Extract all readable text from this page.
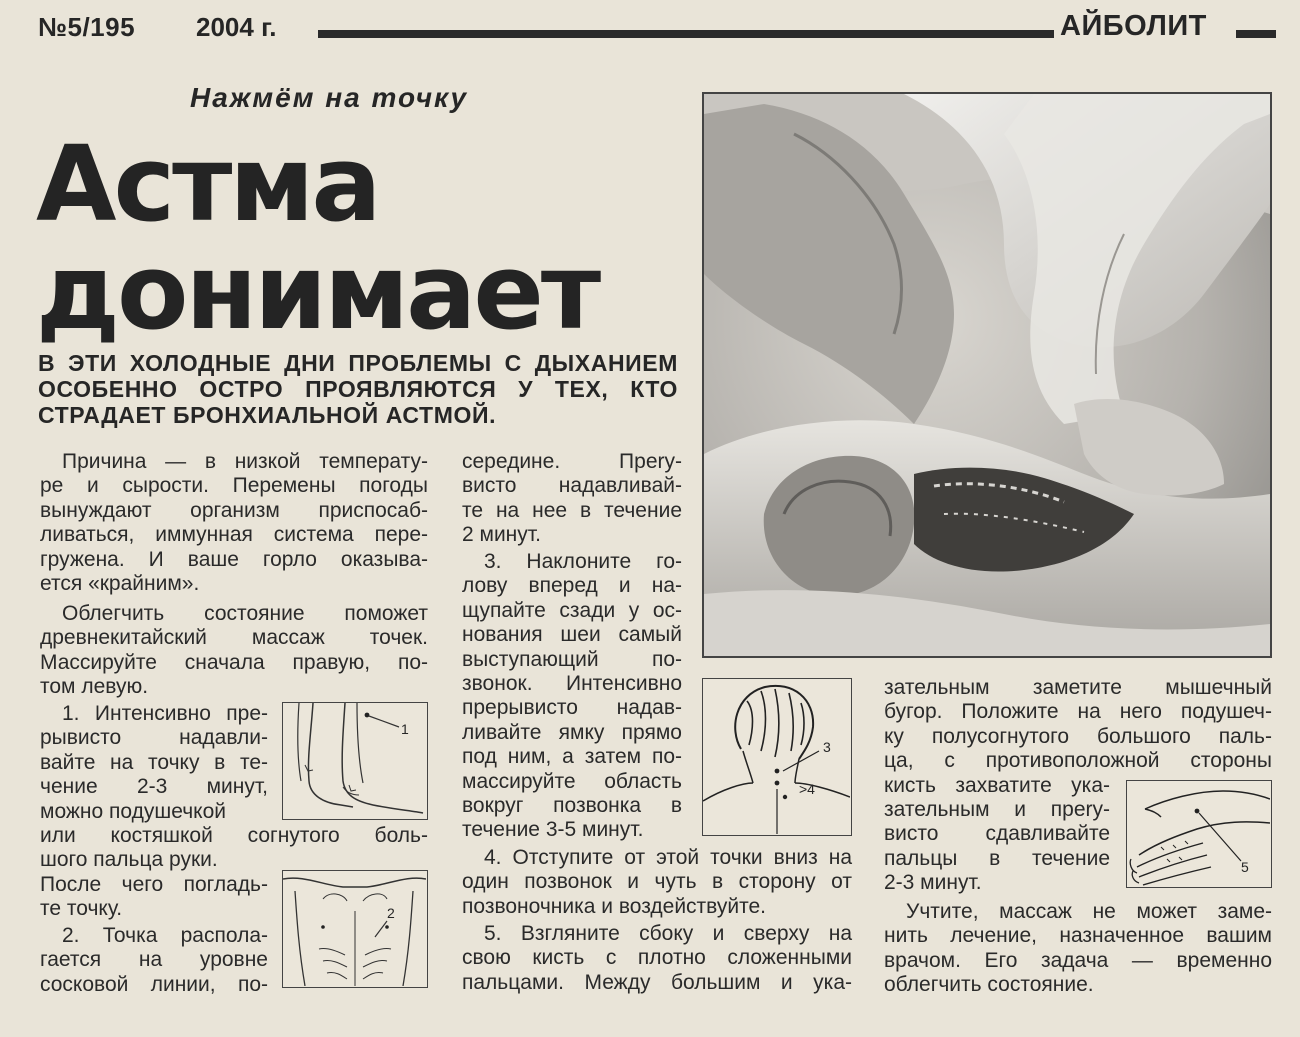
№5/195 2004 г.	АЙБОЛИТ
Нажмём на точку
Астма
донимает
В ЭТИ ХОЛОДНЫЕ ДНИ ПРОБЛЕМЫ С ДЫХАНИЕМ ОСОБЕННО ОСТРО ПРОЯВЛЯЮТСЯ У ТЕХ, КТО СТРАДАЕТ БРОНХИАЛЬНОЙ АСТМОЙ.
Причина — в низкой температу-
ре и сырости. Перемены погоды
вынуждают организм приспосаб-
ливаться, иммунная система пере-
гружена. И ваше горло оказыва-
ется «крайним».
Облегчить состояние поможет
древнекитайский массаж точек.
Массируйте сначала правую, по-
том левую.
1. Интенсивно пре-
рывисто надавли-
вайте на точку в те-
чение 2-3 минут,
можно подушечкой
или костяшкой согнутого боль-
шого пальца руки.
После чего погладь-
те точку.
2. Точка распола-
гается на уровне
сосковой линии, по-
1
2
середине. Прery-
висто надавливай-
те на нее в течение
2 минут.
3. Наклоните го-
лову вперед и на-
щупайте сзади у ос-
нования шеи самый
выступающий по-
звонок. Интенсивно
прерывисто надав-
ливайте ямку прямо
под ним, а затем по-
массируйте область
вокруг позвонка в
течение 3-5 минут.
4. Отступите от этой точки вниз на
один позвонок и чуть в сторону от
позвоночника и воздействуйте.
5. Взгляните сбоку и сверху на
свою кисть с плотно сложенными
пальцами. Между большим и ука-
3
>4
зательным заметите мышечный
бугор. Положите на него подушеч-
ку полусогнутого большого паль-
ца, с противоположной стороны
кисть захватите ука-
зательным и прery-
висто сдавливайте
пальцы в течение
2-3 минут.
Учтите, массаж не может заме-
нить лечение, назначенное вашим
врачом. Его задача — временно
облегчить состояние.
5
